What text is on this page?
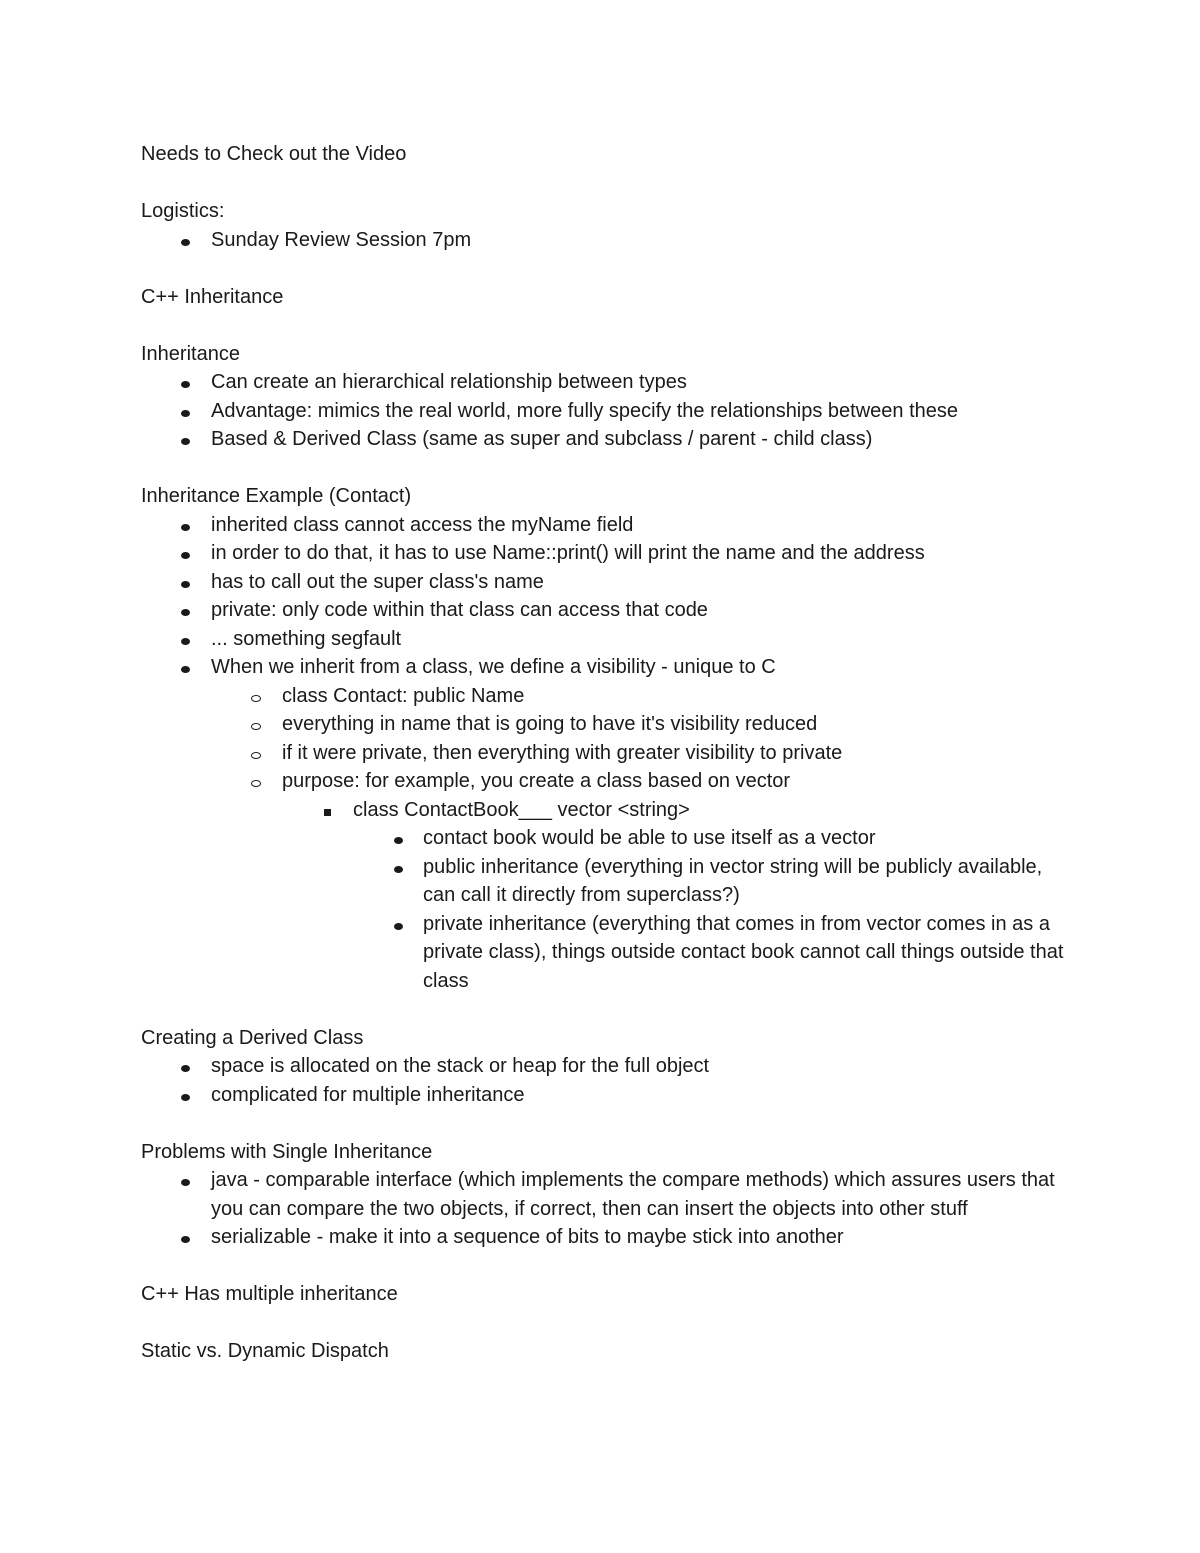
Needs to Check out the Video

Logistics:

Sunday Review Session 7pm

C++ Inheritance

Inheritance

Can create an hierarchical relationship between types
Advantage: mimics the real world, more fully specify the relationships between these
Based & Derived Class (same as super and subclass / parent - child class)

Inheritance Example (Contact)

inherited class cannot access the myName field
in order to do that, it has to use Name::print() will print the name and the address
has to call out the super class's name
private: only code within that class can access that code
... something segfault
When we inherit from a class, we define a visibility - unique to C
class Contact: public Name
everything in name that is going to have it's visibility reduced
if it were private, then everything with greater visibility to private
purpose: for example, you create a class based on vector
class ContactBook___ vector <string>
contact book would be able to use itself as a vector
public inheritance (everything in vector string will be publicly available, can call it directly from superclass?)
private inheritance (everything that comes in from vector comes in as a private class), things outside contact book cannot call things outside that class

Creating a Derived Class

space is allocated on the stack or heap for the full object
complicated for multiple inheritance

Problems with Single Inheritance

java - comparable interface (which implements the compare methods) which assures users that you can compare the two objects, if correct, then can insert the objects into other stuff
serializable - make it into a sequence of bits to maybe stick into another

C++ Has multiple inheritance

Static vs. Dynamic Dispatch
